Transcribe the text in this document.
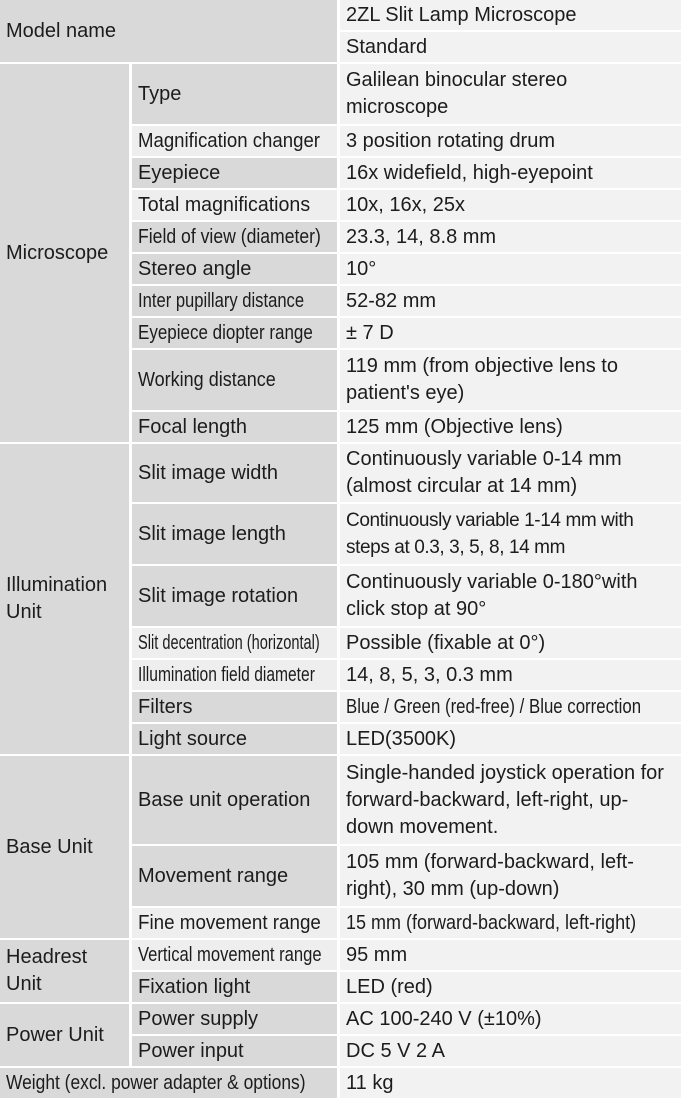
Model name		2ZL Slit Lamp Microscope
		Standard
Microscope	Type	Galilean binocular stereo microscope
	Magnification changer	3 position rotating drum
	Eyepiece	16x widefield, high-eyepoint
	Total magnifications	10x, 16x, 25x
	Field of view (diameter)	23.3, 14, 8.8 mm
	Stereo angle	10°
	Inter pupillary distance	52-82 mm
	Eyepiece diopter range	± 7 D
	Working distance	119 mm (from objective lens to patient's eye)
	Focal length	125 mm (Objective lens)
Illumination Unit	Slit image width	Continuously variable 0-14 mm (almost circular at 14 mm)
	Slit image length	Continuously variable 1-14 mm with steps at 0.3, 3, 5, 8, 14 mm
	Slit image rotation	Continuously variable 0-180°with click stop at 90°
	Slit decentration (horizontal)	Possible (fixable at 0°)
	Illumination field diameter	14, 8, 5, 3, 0.3 mm
	Filters	Blue / Green (red-free) / Blue correction
	Light source	LED(3500K)
Base Unit	Base unit operation	Single-handed joystick operation for forward-backward, left-right, up-down movement.
	Movement range	105 mm (forward-backward, left-right), 30 mm (up-down)
	Fine movement range	15 mm (forward-backward, left-right)
Headrest Unit	Vertical movement range	95 mm
	Fixation light	LED (red)
Power Unit	Power supply	AC 100-240 V (±10%)
	Power input	DC 5 V 2 A
Weight (excl. power adapter & options)		11 kg
